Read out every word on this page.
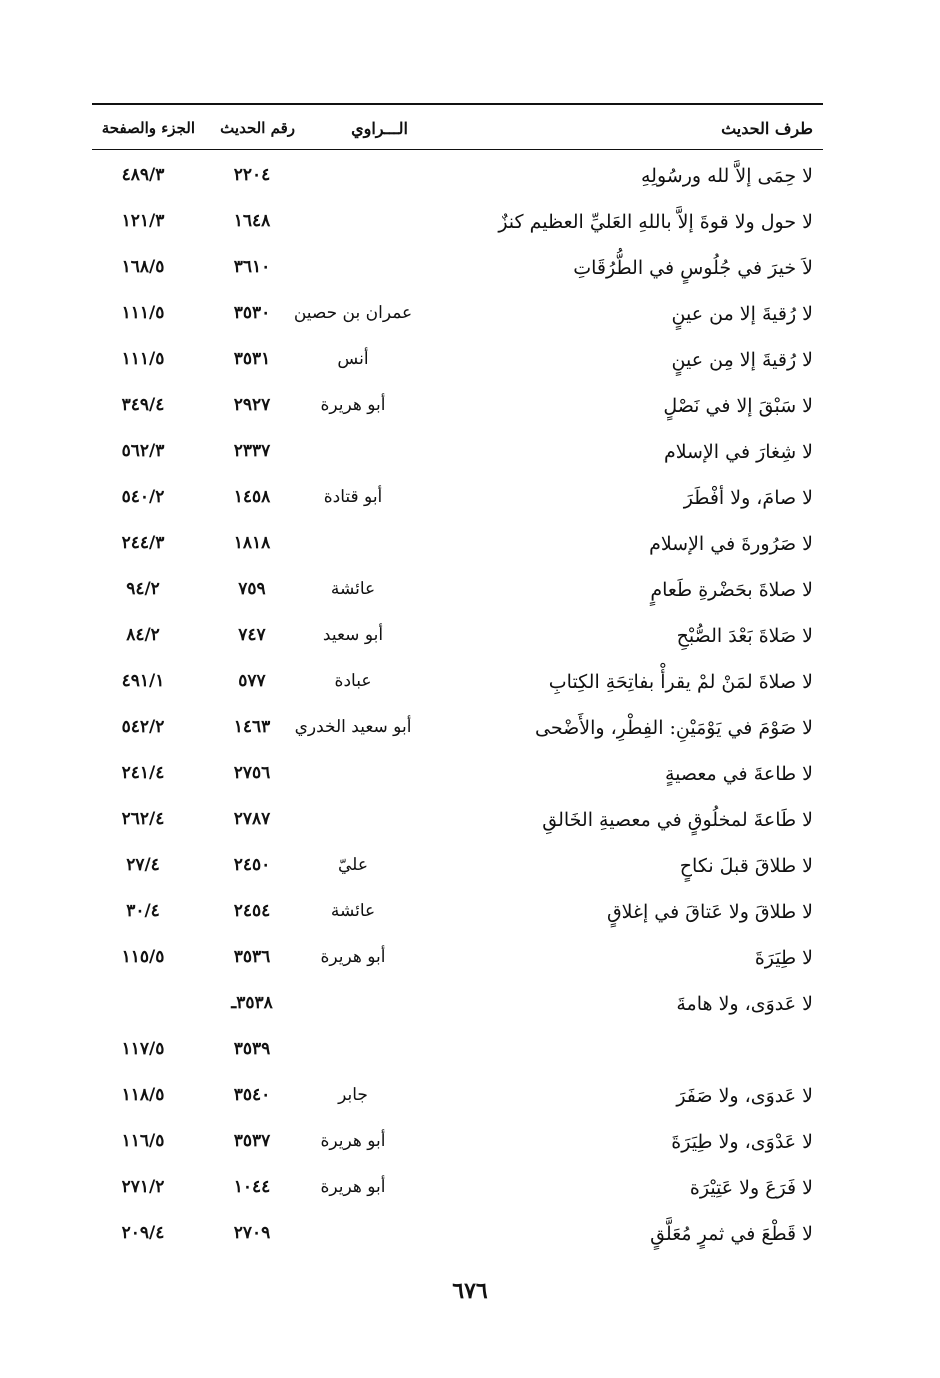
طرف الحديث
الـــراوي
رقم الحديث
الجزء والصفحة
لا حِمَى إلاَّ لله ورسُولِهِ
٢٢٠٤
٤٨٩/٣
لا حول ولا قوةَ إلاَّ باللهِ العَليِّ العظيم كنزٌ
١٦٤٨
١٢١/٣
لاَ خيرَ في جُلُوسٍ في الطُّرُقَاتِ
٣٦١٠
١٦٨/٥
لا رُقيةَ إلا من عينٍ
عمران بن حصين
٣٥٣٠
١١١/٥
لا رُقيةَ إلا مِن عينٍ
أنس
٣٥٣١
١١١/٥
لا سَبْقَ إلا في نَصْلٍ
أبو هريرة
٢٩٢٧
٣٤٩/٤
لا شِغارَ في الإسلام
٢٣٣٧
٥٦٢/٣
لا صامَ، ولا أفْطَرَ
أبو قتادة
١٤٥٨
٥٤٠/٢
لا صَرُورةَ في الإسلام
١٨١٨
٢٤٤/٣
لا صلاةَ بحَضْرةِ طَعامٍ
عائشة
٧٥٩
٩٤/٢
لا صَلاةَ بَعْدَ الصُّبْحِ
أبو سعيد
٧٤٧
٨٤/٢
لا صلاةَ لمَنْ لمْ يقرأْ بفاتِحَةِ الكِتابِ
عبادة
٥٧٧
٤٩١/١
لا صَوْمَ في يَوْمَيْنِ: الفِطْرِ، والأَضْحى
أبو سعيد الخدري
١٤٦٣
٥٤٢/٢
لا طاعةَ في معصيةٍ
٢٧٥٦
٢٤١/٤
لا طَاعةَ لمخلُوقٍ في معصيةِ الخَالقِ
٢٧٨٧
٢٦٢/٤
لا طلاقَ قبلَ نكاحٍ
عليّ
٢٤٥٠
٢٧/٤
لا طلاقَ ولا عَتاقَ في إغلاقٍ
عائشة
٢٤٥٤
٣٠/٤
لا طِيَرَةَ
أبو هريرة
٣٥٣٦
١١٥/٥
لا عَدوَى، ولا هامةَ
٣٥٣٨ـ
٣٥٣٩
١١٧/٥
لا عَدوَى، ولا صَفَرَ
جابر
٣٥٤٠
١١٨/٥
لا عَدْوَى، ولا طِيَرَةَ
أبو هريرة
٣٥٣٧
١١٦/٥
لا فَرَعَ ولا عَتِيْرَة
أبو هريرة
١٠٤٤
٢٧١/٢
لا قَطْعَ في ثمرٍ مُعَلَّقٍ
٢٧٠٩
٢٠٩/٤
٦٧٦
